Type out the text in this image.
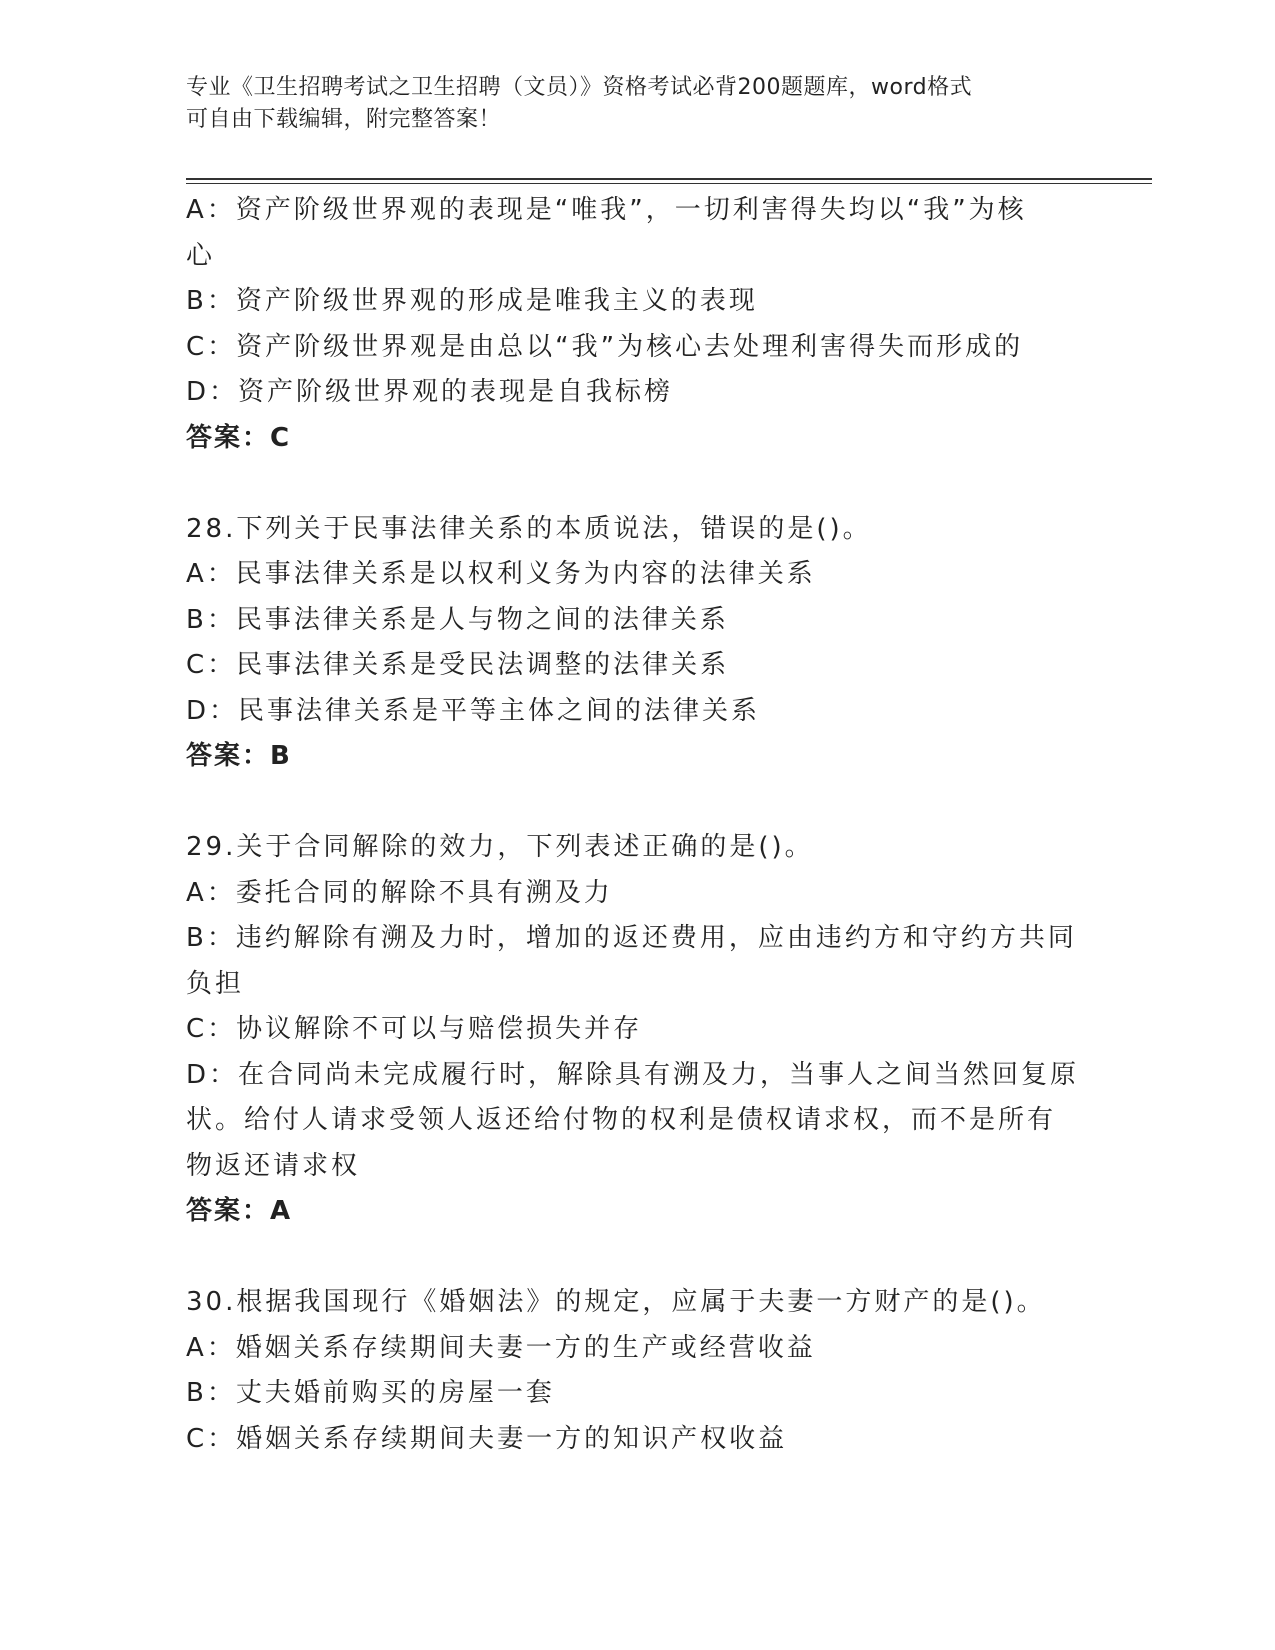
专业《卫生招聘考试之卫生招聘（文员）》资格考试必背200题题库，word格式
可自由下载编辑，附完整答案！

A：资产阶级世界观的表现是“唯我”，一切利害得失均以“我”为核

心

B：资产阶级世界观的形成是唯我主义的表现

C：资产阶级世界观是由总以“我”为核心去处理利害得失而形成的

D：资产阶级世界观的表现是自我标榜

答案：C

28.下列关于民事法律关系的本质说法，错误的是()。

A：民事法律关系是以权利义务为内容的法律关系

B：民事法律关系是人与物之间的法律关系

C：民事法律关系是受民法调整的法律关系

D：民事法律关系是平等主体之间的法律关系

答案：B

29.关于合同解除的效力，下列表述正确的是()。

A：委托合同的解除不具有溯及力

B：违约解除有溯及力时，增加的返还费用，应由违约方和守约方共同

负担

C：协议解除不可以与赔偿损失并存

D：在合同尚未完成履行时，解除具有溯及力，当事人之间当然回复原

状。给付人请求受领人返还给付物的权利是债权请求权，而不是所有

物返还请求权

答案：A

30.根据我国现行《婚姻法》的规定，应属于夫妻一方财产的是()。

A：婚姻关系存续期间夫妻一方的生产或经营收益

B：丈夫婚前购买的房屋一套

C：婚姻关系存续期间夫妻一方的知识产权收益
